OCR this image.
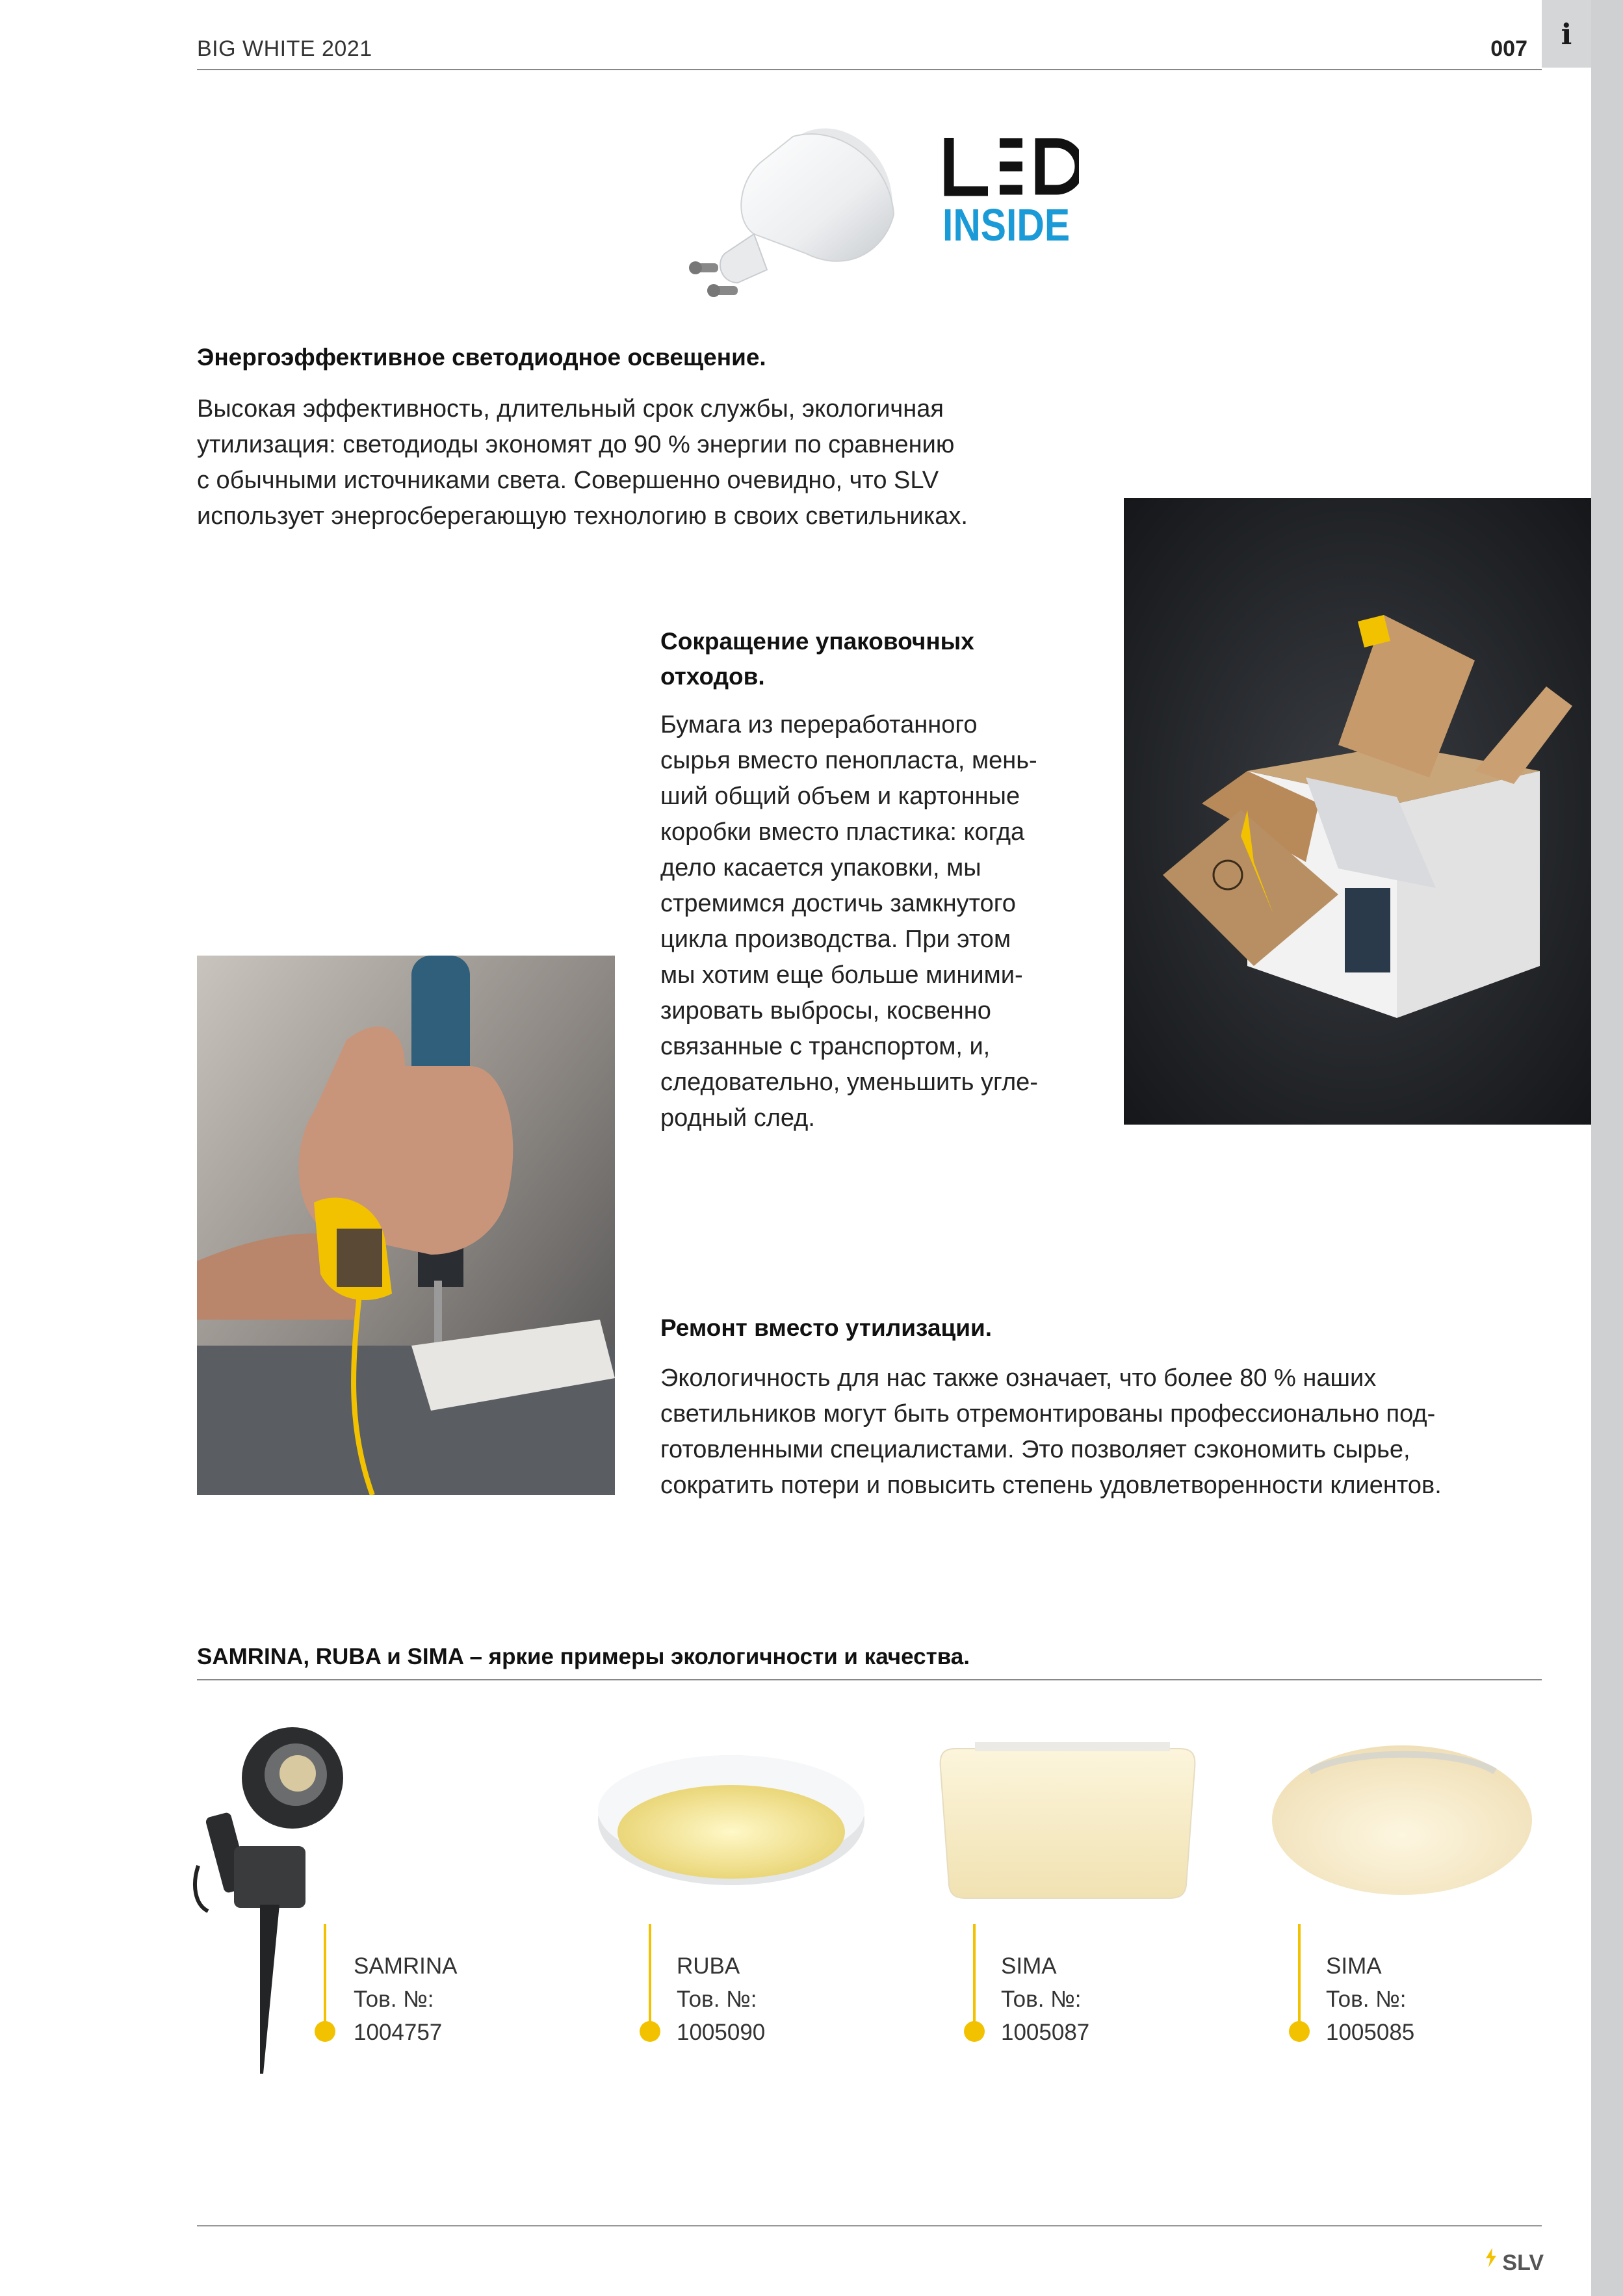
i
BIG WHITE 2021	007
INSIDE
Энергоэффективное светодиодное освещение.
Высокая эффективность, длительный срок службы, экологичная
утилизация: светодиоды экономят до 90 % энергии по сравнению
с обычными источниками света. Совершенно очевидно, что SLV
использует энергосберегающую технологию в своих светильниках.
Сокращение упаковочных
отходов.
Бумага из переработанного
сырья вместо пенопласта, мень-
ший общий объем и картонные
коробки вместо пластика: когда
дело касается упаковки, мы
стремимся достичь замкнутого
цикла производства. При этом
мы хотим еще больше миними-
зировать выбросы, косвенно
связанные с транспортом, и,
следовательно, уменьшить угле-
родный след.
Ремонт вместо утилизации.
Экологичность для нас также означает, что более 80 % наших
светильников могут быть отремонтированы профессионально под-
готовленными специалистами. Это позволяет сэкономить сырье,
сократить потери и повысить степень удовлетворенности клиентов.
SAMRINA, RUBA и SIMA – яркие примеры экологичности и качества.
SAMRINA
Тов. №:
1004757
RUBA
Тов. №:
1005090
SIMA
Тов. №:
1005087
SIMA
Тов. №:
1005085
SLV
